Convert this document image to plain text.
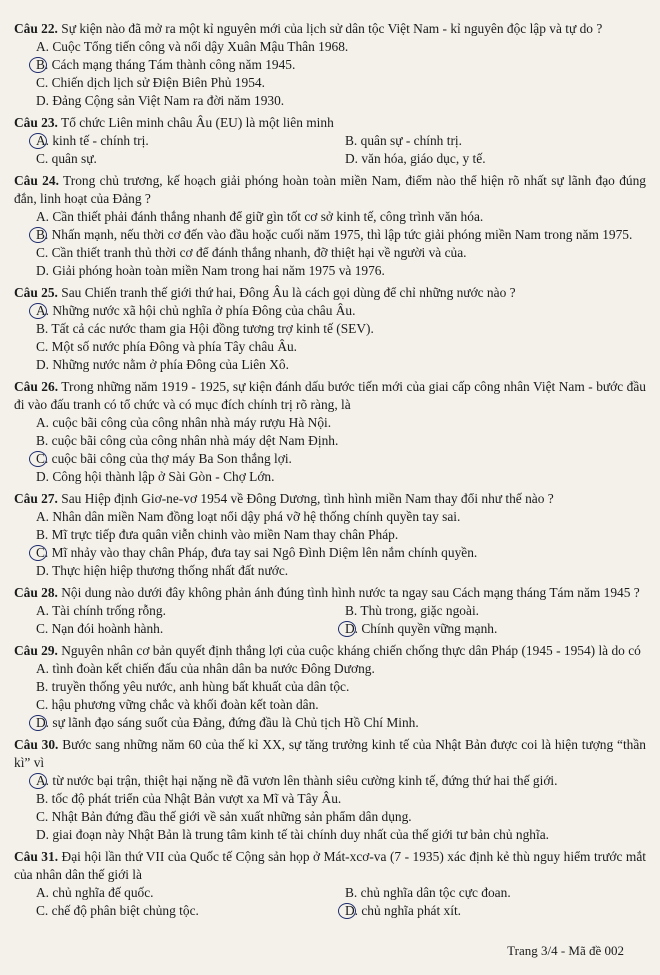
Câu 22. Sự kiện nào đã mở ra một kỉ nguyên mới của lịch sử dân tộc Việt Nam - kỉ nguyên độc lập và tự do ?

A. Cuộc Tổng tiến công và nổi dậy Xuân Mậu Thân 1968.
B. Cách mạng tháng Tám thành công năm 1945.
C. Chiến dịch lịch sử Điện Biên Phủ 1954.
D. Đảng Cộng sản Việt Nam ra đời năm 1930.

Câu 23. Tổ chức Liên minh châu Âu (EU) là một liên minh

A. kinh tế - chính trị.	B. quân sự - chính trị.
C. quân sự.	D. văn hóa, giáo dục, y tế.

Câu 24. Trong chủ trương, kế hoạch giải phóng hoàn toàn miền Nam, điểm nào thể hiện rõ nhất sự lãnh đạo đúng đắn, linh hoạt của Đảng ?

A. Cần thiết phải đánh thắng nhanh để giữ gìn tốt cơ sở kinh tế, công trình văn hóa.
B. Nhấn mạnh, nếu thời cơ đến vào đầu hoặc cuối năm 1975, thì lập tức giải phóng miền Nam trong năm 1975.
C. Cần thiết tranh thủ thời cơ để đánh thắng nhanh, đỡ thiệt hại về người và của.
D. Giải phóng hoàn toàn miền Nam trong hai năm 1975 và 1976.

Câu 25. Sau Chiến tranh thế giới thứ hai, Đông Âu là cách gọi dùng để chỉ những nước nào ?

A. Những nước xã hội chủ nghĩa ở phía Đông của châu Âu.
B. Tất cả các nước tham gia Hội đồng tương trợ kinh tế (SEV).
C. Một số nước phía Đông và phía Tây châu Âu.
D. Những nước nằm ở phía Đông của Liên Xô.

Câu 26. Trong những năm 1919 - 1925, sự kiện đánh dấu bước tiến mới của giai cấp công nhân Việt Nam - bước đầu đi vào đấu tranh có tổ chức và có mục đích chính trị rõ ràng, là

A. cuộc bãi công của công nhân nhà máy rượu Hà Nội.
B. cuộc bãi công của công nhân nhà máy dệt Nam Định.
C. cuộc bãi công của thợ máy Ba Son thắng lợi.
D. Công hội thành lập ở Sài Gòn - Chợ Lớn.

Câu 27. Sau Hiệp định Giơ-ne-vơ 1954 về Đông Dương, tình hình miền Nam thay đổi như thế nào ?

A. Nhân dân miền Nam đồng loạt nổi dậy phá vỡ hệ thống chính quyền tay sai.
B. Mĩ trực tiếp đưa quân viễn chinh vào miền Nam thay chân Pháp.
C. Mĩ nhảy vào thay chân Pháp, đưa tay sai Ngô Đình Diệm lên nắm chính quyền.
D. Thực hiện hiệp thương thống nhất đất nước.

Câu 28. Nội dung nào dưới đây không phản ánh đúng tình hình nước ta ngay sau Cách mạng tháng Tám năm 1945 ?

A. Tài chính trống rỗng.	B. Thù trong, giặc ngoài.
C. Nạn đói hoành hành.	D. Chính quyền vững mạnh.

Câu 29. Nguyên nhân cơ bản quyết định thắng lợi của cuộc kháng chiến chống thực dân Pháp (1945 - 1954) là do có

A. tình đoàn kết chiến đấu của nhân dân ba nước Đông Dương.
B. truyền thống yêu nước, anh hùng bất khuất của dân tộc.
C. hậu phương vững chắc và khối đoàn kết toàn dân.
D. sự lãnh đạo sáng suốt của Đảng, đứng đầu là Chủ tịch Hồ Chí Minh.

Câu 30. Bước sang những năm 60 của thế kỉ XX, sự tăng trưởng kinh tế của Nhật Bản được coi là hiện tượng “thần kì” vì

A. từ nước bại trận, thiệt hại nặng nề đã vươn lên thành siêu cường kinh tế, đứng thứ hai thế giới.
B. tốc độ phát triển của Nhật Bản vượt xa Mĩ và Tây Âu.
C. Nhật Bản đứng đầu thế giới về sản xuất những sản phẩm dân dụng.
D. giai đoạn này Nhật Bản là trung tâm kinh tế tài chính duy nhất của thế giới tư bản chủ nghĩa.

Câu 31. Đại hội lần thứ VII của Quốc tế Cộng sản họp ở Mát-xcơ-va (7 - 1935) xác định kẻ thù nguy hiểm trước mắt của nhân dân thế giới là

A. chủ nghĩa đế quốc.	B. chủ nghĩa dân tộc cực đoan.
C. chế độ phân biệt chủng tộc.	D. chủ nghĩa phát xít.
Trang 3/4 - Mã đề 002
